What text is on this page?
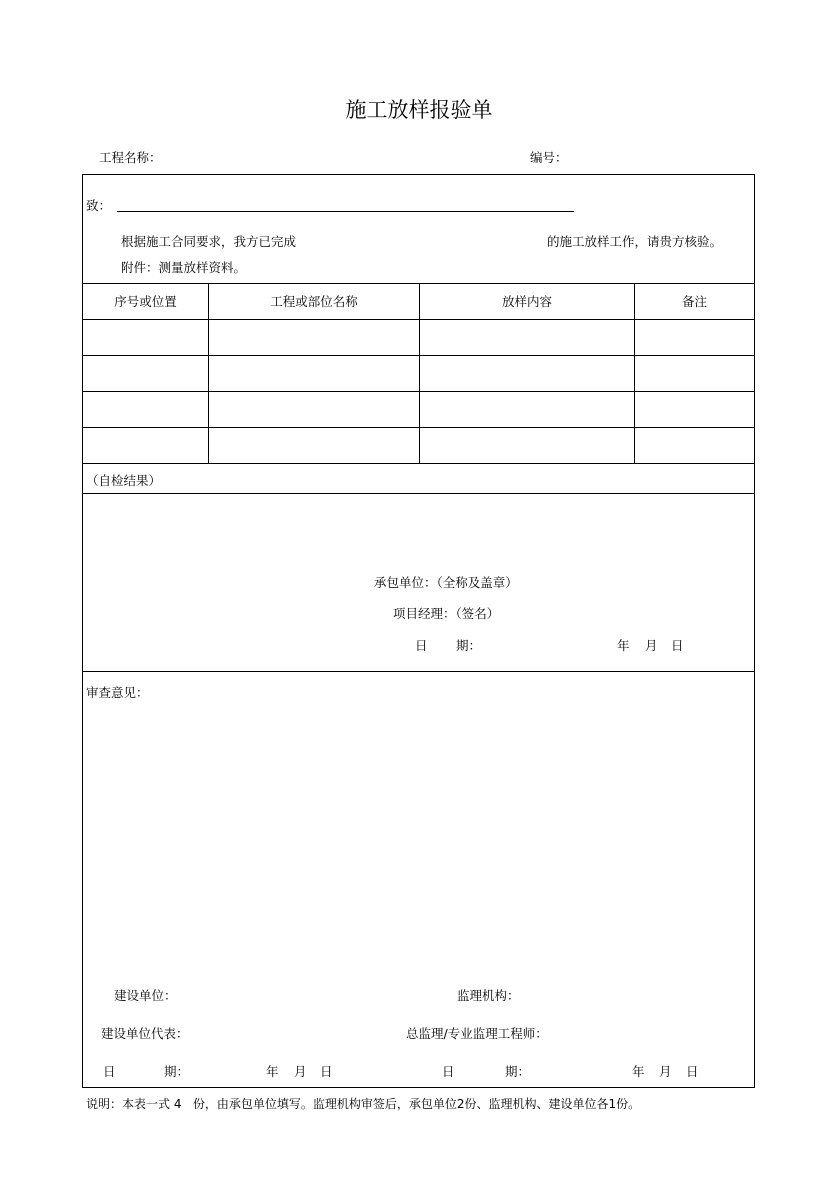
施工放样报验单
工程名称：	编号：
致：
根据施工合同要求，我方已完成	的施工放样工作，请贵方核验。
附件：测量放样资料。
序号或位置	工程或部位名称	放样内容	备注
（自检结果）
承包单位：（全称及盖章）
项目经理：（签名）
日 期：	年 月 日
审查意见：
建设单位：	监理机构：
建设单位代表：	总监理/专业监理工程师：
日	期：	年 月 日	日	期：	年 月 日
说明：本表一式 4   份，由承包单位填写。监理机构审签后，承包单位2份、监理机构、建设单位各1份。
